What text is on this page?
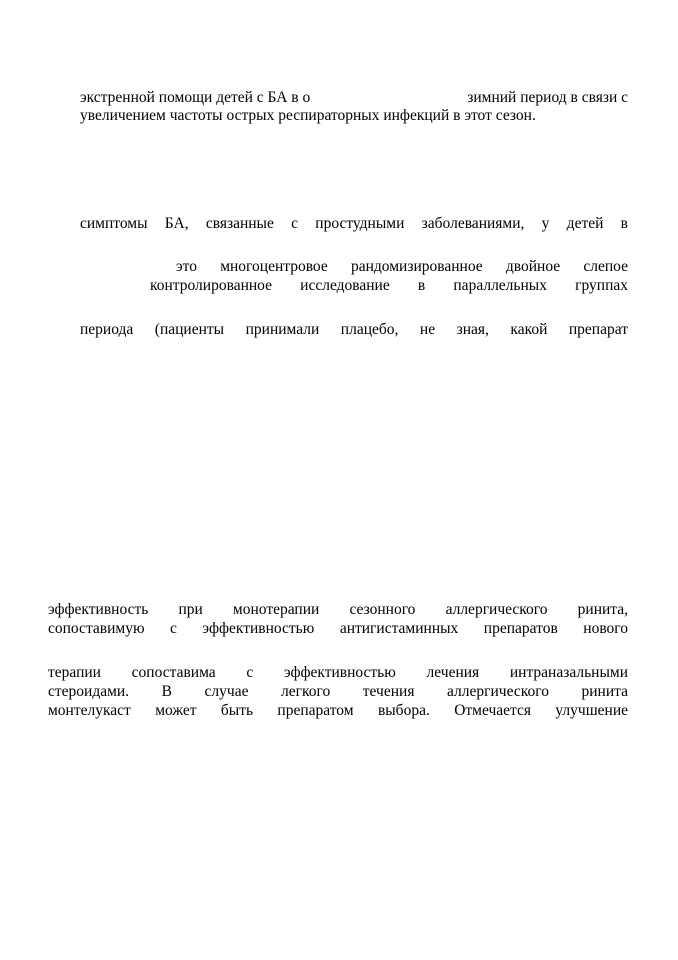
экстренной помощи детей с БА в о	зимний период в связи с
увеличением частоты острых респираторных инфекций в этот сезон.
симптомы БА, связанные с простудными заболеваниями, у детей в
это многоцентровое рандомизированное двойное слепое
контролированное исследование в параллельных группах
периода (пациенты принимали плацебо, не зная, какой препарат
эффективность при монотерапии сезонного аллергического ринита,
сопоставимую с эффективностью антигистаминных препаратов нового
терапии сопоставима с эффективностью лечения интраназальными
стероидами. В случае легкого течения аллергического ринита
монтелукаст может быть препаратом выбора. Отмечается улучшение
